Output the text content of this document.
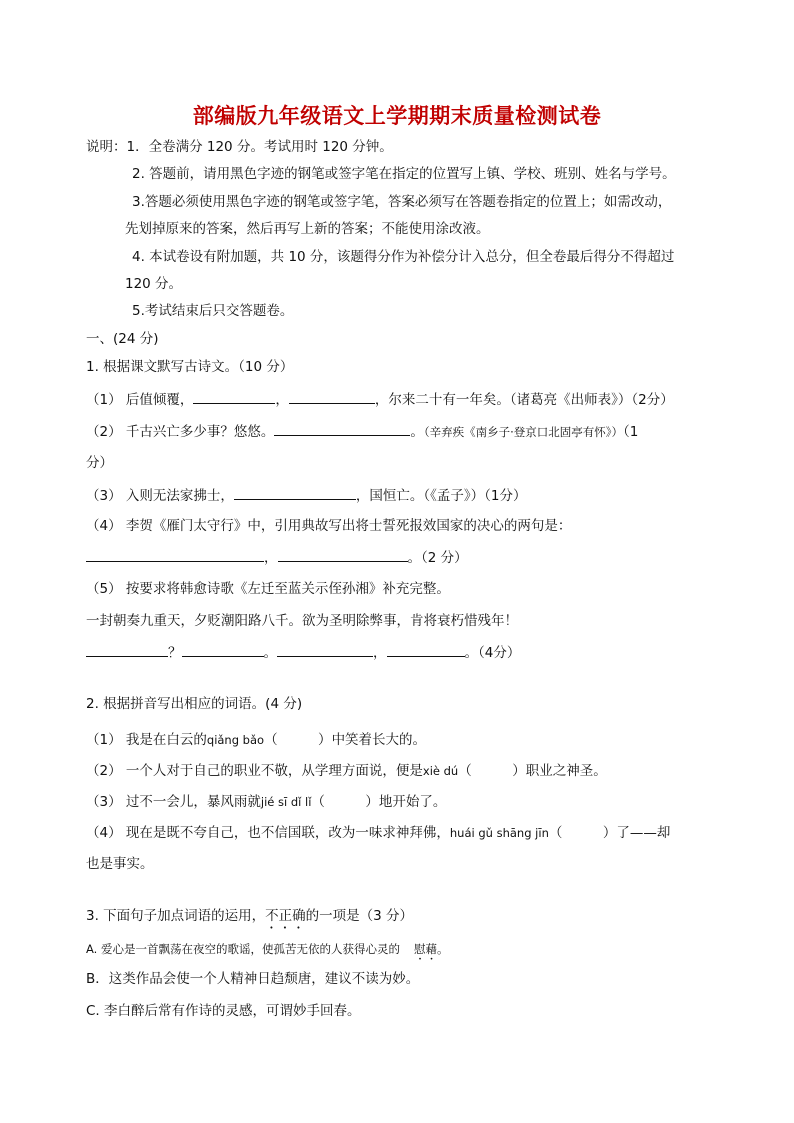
部编版九年级语文上学期期末质量检测试卷
说明：1．全卷满分 120 分。考试用时 120 分钟。
2. 答题前，请用黑色字迹的钢笔或签字笔在指定的位置写上镇、学校、班别、姓名与学号。
3.答题必须使用黑色字迹的钢笔或签字笔，答案必须写在答题卷指定的位置上；如需改动，
先划掉原来的答案，然后再写上新的答案；不能使用涂改液。
4. 本试卷设有附加题，共 10 分，该题得分作为补偿分计入总分，但全卷最后得分不得超过
120 分。
5.考试结束后只交答题卷。
一、(24 分)
1. 根据课文默写古诗文。（10 分）
（1） 后值倾覆，	，	，尔来二十有一年矣。（诸葛亮《出师表》）（2分）
（2） 千古兴亡多少事？悠悠。	。（辛弃疾《南乡子·登京口北固亭有怀》）（1
分）
（3） 入则无法家拂士，	，国恒亡。（《孟子》）（1分）
（4） 李贺《雁门太守行》中，引用典故写出将士誓死报效国家的决心的两句是：
，	。（2 分）
（5） 按要求将韩愈诗歌《左迁至蓝关示侄孙湘》补充完整。
一封朝奏九重天，夕贬潮阳路八千。欲为圣明除弊事，肯将衰朽惜残年！
？	。	，	。（4分）
2. 根据拼音写出相应的词语。(4 分)
（1） 我是在白云的qiǎng bǎo（　　　）中笑着长大的。
（2） 一个人对于自己的职业不敬，从学理方面说，便是xiè dú（　　　）职业之神圣。
（3） 过不一会儿，暴风雨就jié sī dǐ lǐ（　　　）地开始了。
（4） 现在是既不夸自己，也不信国联，改为一味求神拜佛，huái gǔ shāng jīn（　　　）了——却
也是事实。
3. 下面句子加点词语的运用，不正确的一项是（3 分）
A. 爱心是一首飘荡在夜空的歌谣，使孤苦无依的人获得心灵的 慰藉。
B．这类作品会使一个人精神日趋颓唐，建议不读为妙。
C. 李白醉后常有作诗的灵感，可谓妙手回春。
